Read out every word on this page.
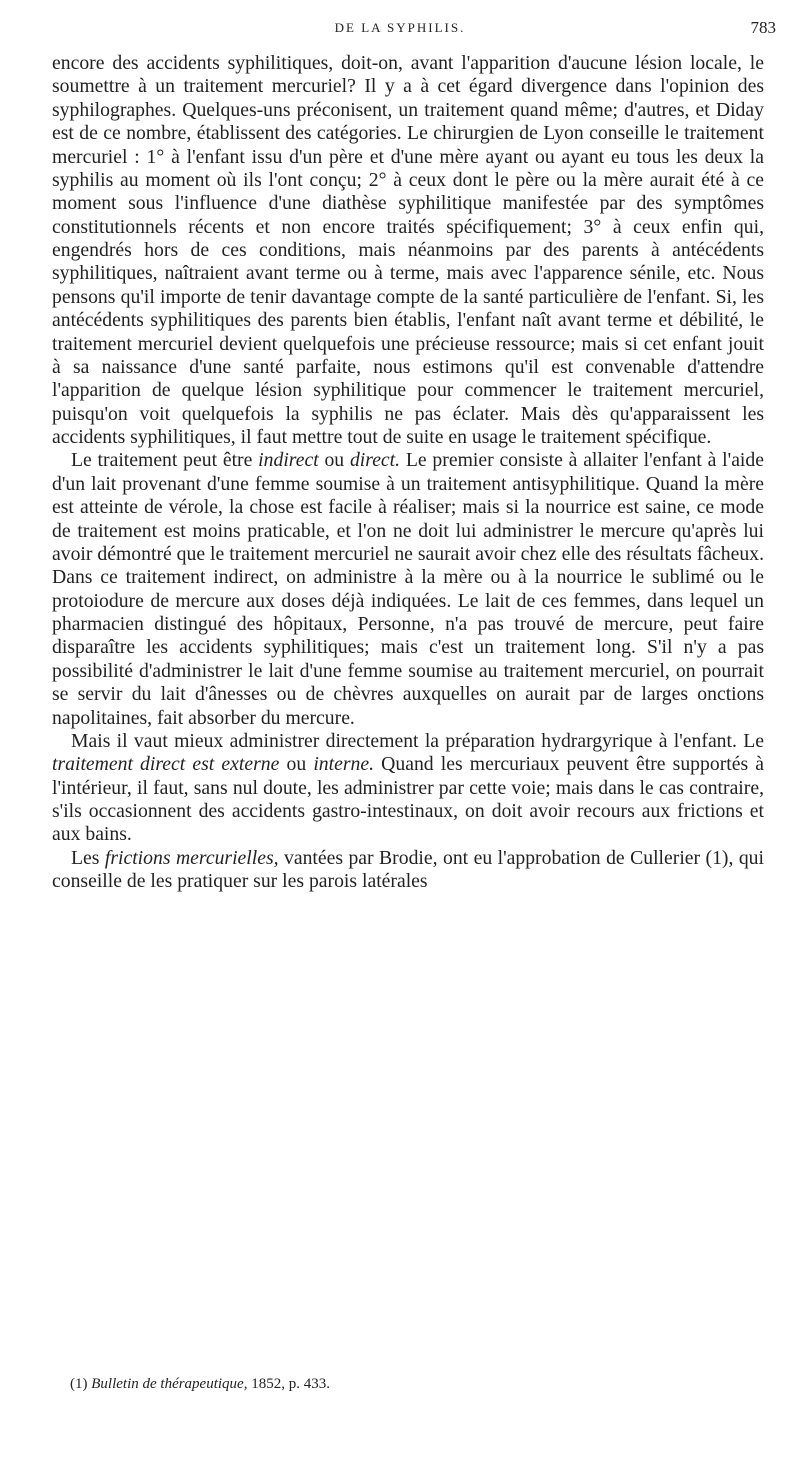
DE LA SYPHILIS.	783

encore des accidents syphilitiques, doit-on, avant l'apparition d'aucune lésion locale, le soumettre à un traitement mercuriel? Il y a à cet égard divergence dans l'opinion des syphilographes. Quelques-uns préconisent, un traitement quand même; d'autres, et Diday est de ce nombre, établissent des catégories. Le chirurgien de Lyon conseille le traitement mercuriel : 1° à l'enfant issu d'un père et d'une mère ayant ou ayant eu tous les deux la syphilis au moment où ils l'ont conçu; 2° à ceux dont le père ou la mère aurait été à ce moment sous l'influence d'une diathèse syphilitique manifestée par des symptômes constitutionnels récents et non encore traités spécifiquement; 3° à ceux enfin qui, engendrés hors de ces conditions, mais néanmoins par des parents à antécédents syphilitiques, naîtraient avant terme ou à terme, mais avec l'apparence sénile, etc. Nous pensons qu'il importe de tenir davantage compte de la santé particulière de l'enfant. Si, les antécédents syphilitiques des parents bien établis, l'enfant naît avant terme et débilité, le traitement mercuriel devient quelquefois une précieuse ressource; mais si cet enfant jouit à sa naissance d'une santé parfaite, nous estimons qu'il est convenable d'attendre l'apparition de quelque lésion syphilitique pour commencer le traitement mercuriel, puisqu'on voit quelquefois la syphilis ne pas éclater. Mais dès qu'apparaissent les accidents syphilitiques, il faut mettre tout de suite en usage le traitement spécifique.

Le traitement peut être indirect ou direct. Le premier consiste à allaiter l'enfant à l'aide d'un lait provenant d'une femme soumise à un traitement antisyphilitique. Quand la mère est atteinte de vérole, la chose est facile à réaliser; mais si la nourrice est saine, ce mode de traitement est moins praticable, et l'on ne doit lui administrer le mercure qu'après lui avoir démontré que le traitement mercuriel ne saurait avoir chez elle des résultats fâcheux. Dans ce traitement indirect, on administre à la mère ou à la nourrice le sublimé ou le protoiodure de mercure aux doses déjà indiquées. Le lait de ces femmes, dans lequel un pharmacien distingué des hôpitaux, Personne, n'a pas trouvé de mercure, peut faire disparaître les accidents syphilitiques; mais c'est un traitement long. S'il n'y a pas possibilité d'administrer le lait d'une femme soumise au traitement mercuriel, on pourrait se servir du lait d'ânesses ou de chèvres auxquelles on aurait par de larges onctions napolitaines, fait absorber du mercure.

Mais il vaut mieux administrer directement la préparation hydrargyrique à l'enfant. Le traitement direct est externe ou interne. Quand les mercuriaux peuvent être supportés à l'intérieur, il faut, sans nul doute, les administrer par cette voie; mais dans le cas contraire, s'ils occasionnent des accidents gastro-intestinaux, on doit avoir recours aux frictions et aux bains.

Les frictions mercurielles, vantées par Brodie, ont eu l'approbation de Cullerier (1), qui conseille de les pratiquer sur les parois latérales

(1) Bulletin de thérapeutique, 1852, p. 433.
